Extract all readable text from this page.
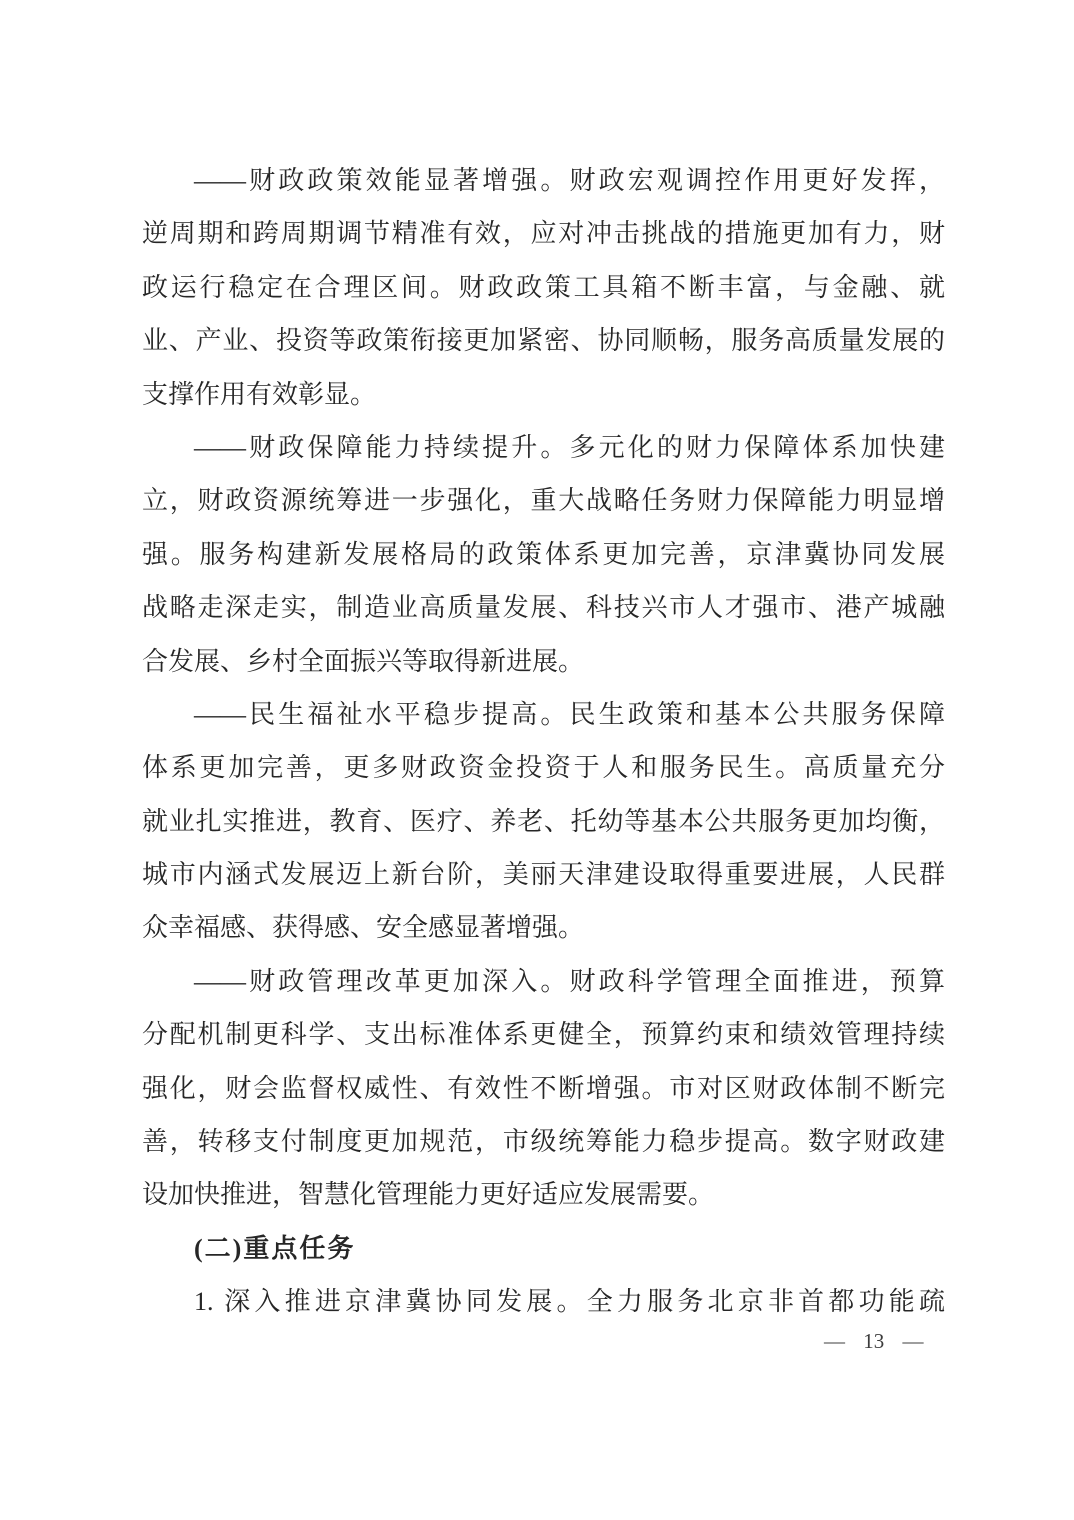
——财政政策效能显著增强。财政宏观调控作用更好发挥，
逆周期和跨周期调节精准有效，应对冲击挑战的措施更加有力，财
政运行稳定在合理区间。财政政策工具箱不断丰富，与金融、就
业、产业、投资等政策衔接更加紧密、协同顺畅，服务高质量发展的
支撑作用有效彰显。
——财政保障能力持续提升。多元化的财力保障体系加快建
立，财政资源统筹进一步强化，重大战略任务财力保障能力明显增
强。服务构建新发展格局的政策体系更加完善，京津冀协同发展
战略走深走实，制造业高质量发展、科技兴市人才强市、港产城融
合发展、乡村全面振兴等取得新进展。
——民生福祉水平稳步提高。民生政策和基本公共服务保障
体系更加完善，更多财政资金投资于人和服务民生。高质量充分
就业扎实推进，教育、医疗、养老、托幼等基本公共服务更加均衡，
城市内涵式发展迈上新台阶，美丽天津建设取得重要进展，人民群
众幸福感、获得感、安全感显著增强。
——财政管理改革更加深入。财政科学管理全面推进，预算
分配机制更科学、支出标准体系更健全，预算约束和绩效管理持续
强化，财会监督权威性、有效性不断增强。市对区财政体制不断完
善，转移支付制度更加规范，市级统筹能力稳步提高。数字财政建
设加快推进，智慧化管理能力更好适应发展需要。
(二)重点任务
1. 深入推进京津冀协同发展。全力服务北京非首都功能疏
— 13 —
